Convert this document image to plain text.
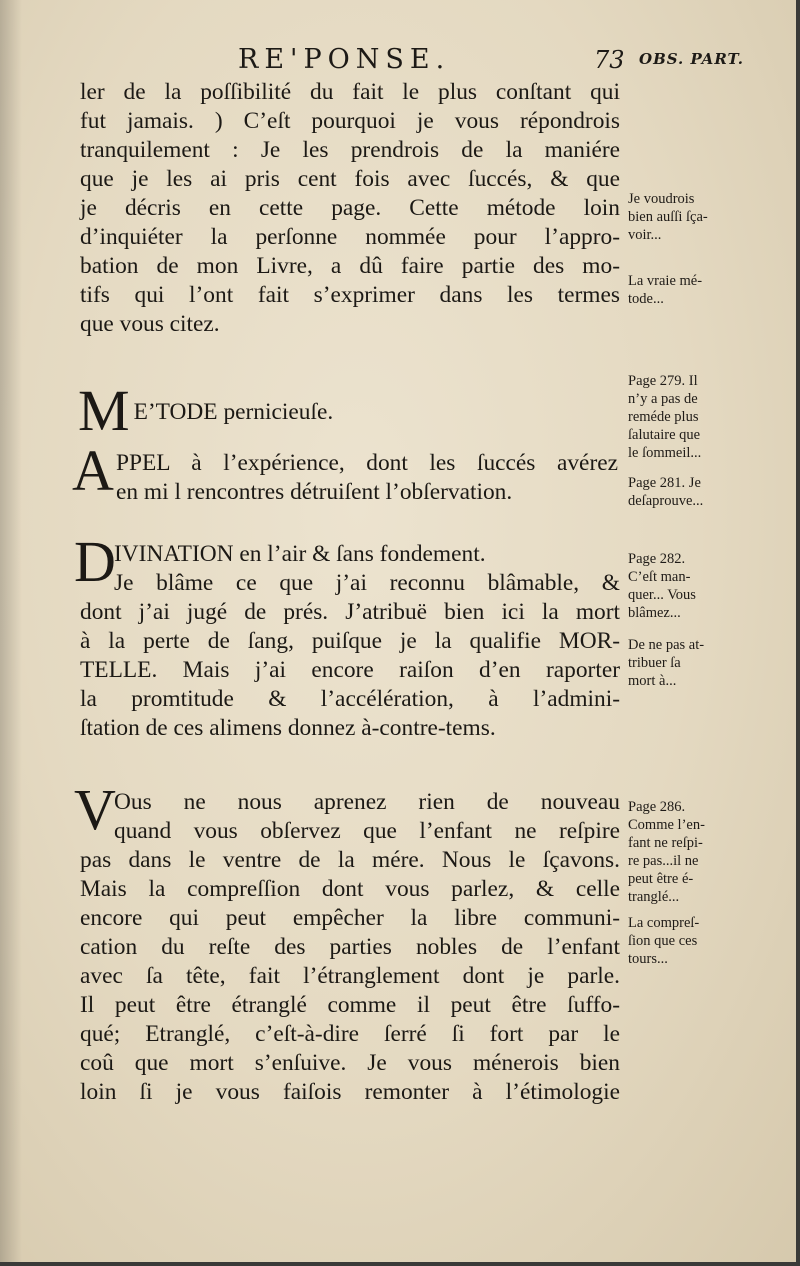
RE'PONSE.	73 OBS. PART.
ler de la poſſibilité du fait le plus conſtant qui
fut jamais. ) C’eſt pourquoi je vous répondrois
tranquilement : Je les prendrois de la maniére
que je les ai pris cent fois avec ſuccés, & que
je décris en cette page. Cette métode loin
d’inquiéter la perſonne nommée pour l’appro-
bation de mon Livre, a dû faire partie des mo-
tifs qui l’ont fait s’exprimer dans les termes
que vous citez.
M E’TODE pernicieuſe.
A PPEL à l’expérience, dont les ſuccés avérez
en mi l rencontres détruiſent l’obſervation.
D
IVINATION en l’air & ſans fondement.
Je blâme ce que j’ai reconnu blâmable, &
dont j’ai jugé de prés. J’atribuë bien ici la mort
à la perte de ſang, puiſque je la qualifie MOR-
TELLE. Mais j’ai encore raiſon d’en raporter
la promtitude & l’accélération, à l’admini-
ſtation de ces alimens donnez à-contre-tems.
V
Ous ne nous aprenez rien de nouveau
quand vous obſervez que l’enfant ne reſpire
pas dans le ventre de la mére. Nous le ſçavons.
Mais la compreſſion dont vous parlez, & celle
encore qui peut empêcher la libre communi-
cation du reſte des parties nobles de l’enfant
avec ſa tête, fait l’étranglement dont je parle.
Il peut être étranglé comme il peut être ſuffo-
qué; Etranglé, c’eſt-à-dire ſerré ſi fort par le
coû que mort s’enſuive. Je vous ménerois bien
loin ſi je vous faiſois remonter à l’étimologie
Je voudrois
bien auſſi ſça-
voir...
La vraie mé-
tode...
Page 279. Il
n’y a pas de
reméde plus
ſalutaire que
le ſommeil...
Page 281. Je
deſaprouve...
Page 282.
C’eſt man-
quer... Vous
blâmez...
De ne pas at-
tribuer ſa
mort à...
Page 286.
Comme l’en-
fant ne reſpi-
re pas...il ne
peut être é-
tranglé...
La compreſ-
ſion que ces
tours...
